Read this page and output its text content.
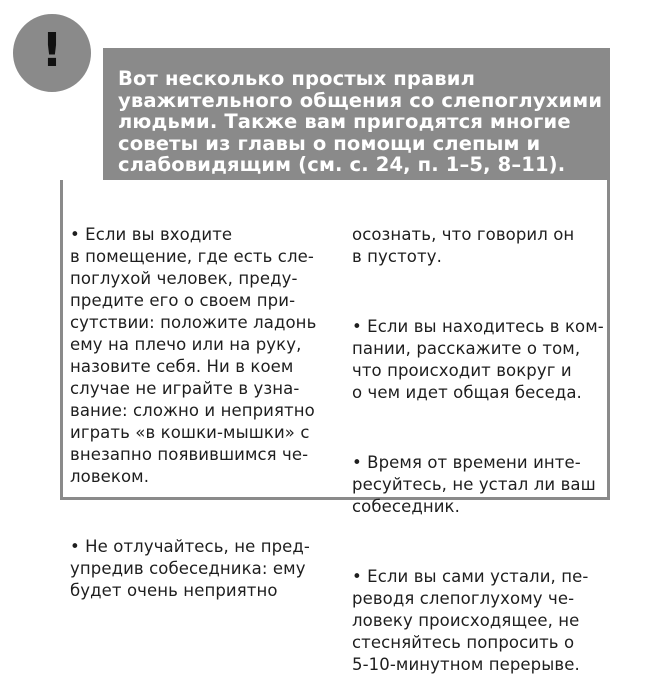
Вот несколько простых правил
уважительного общения со слепоглухими
людьми. Также вам пригодятся многие
советы из главы о помощи слепым и
слабовидящим (см. с. 24, п. 1–5, 8–11).

!

• Если вы входите
в помещение, где есть сле-
поглухой человек, преду-
предите его о своем при-
сутствии: положите ладонь
ему на плечо или на руку,
назовите себя. Ни в коем
случае не играйте в узна-
вание: сложно и неприятно
играть «в кошки-мышки» с
внезапно появившимся че-
ловеком.

• Не отлучайтесь, не пред-
упредив собеседника: ему
будет очень неприятно

осознать, что говорил он
в пустоту.

• Если вы находитесь в ком-
пании, расскажите о том,
что происходит вокруг и
о чем идет общая беседа.

• Время от времени инте-
ресуйтесь, не устал ли ваш
собеседник.

• Если вы сами устали, пе-
реводя слепоглухому че-
ловеку происходящее, не
стесняйтесь попросить о
5-10-минутном перерыве.
